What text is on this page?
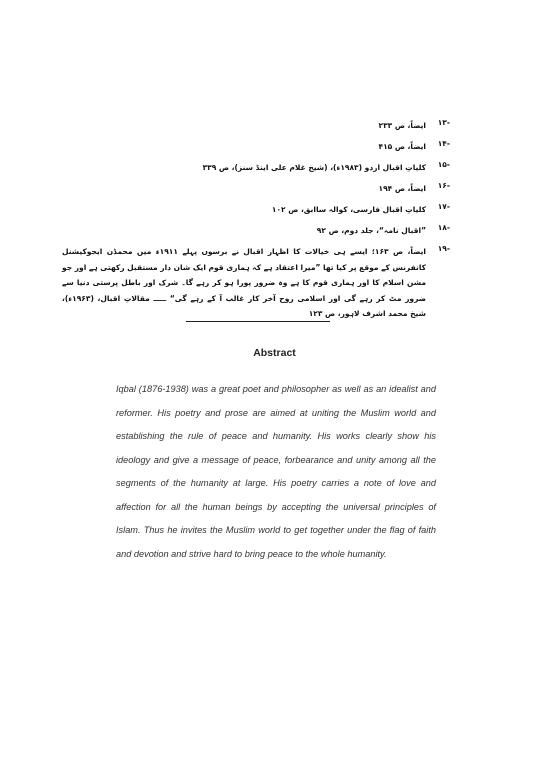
-۱۳
ایضاً، ص ۲۳۳
-۱۴
ایضاً، ص ۴۱۵
-۱۵
کلیاتِ اقبال اردو (۱۹۸۳ء)، (شیخ غلام علی اینڈ سنز)، ص ۳۳۹
-۱۶
ایضاً، ص ۱۹۴
-۱۷
کلیاتِ اقبال فارسی، ‌کوالہ ساابق، ص ۱۰۲
-۱۸
”اقبال نامہ“، جلد دوم، ص ۹۲
-۱۹
ایضاً، ص ۱۶۳؛ ایسے ہی خیالات کا اظہار اقبال نے برسوں پہلے ۱۹۱۱ء میں محمڈن ایجوکیشنل کانفرنس کے موقع پر کیا تھا ”میرا اعتقاد ہے کہ ہماری قوم ایک شان دار مستقبل رکھتی ہے اور جو مشن اسلام کا اور ہماری قوم کا ہے وہ ضرور پورا ہو کر رہے گا۔ شرک اور باطل پرستی دنیا سے ضرور مٹ کر رہے گی اور اسلامی روح آخر کار غالب آ کے رہے گی“ ـــــ مقالاتِ اقبال، (۱۹۶۳ء)، شیخ محمد اشرف لاہور، ص ۱۲۳
Abstract
Iqbal (1876-1938) was a great poet and philosopher as well as an idealist and reformer. His poetry and prose are aimed at uniting the Muslim world and establishing the rule of peace and humanity. His works clearly show his ideology and give a message of peace, forbearance and unity among all the segments of the humanity at large. His poetry carries a note of love and affection for all the human beings by accepting the universal principles of Islam. Thus he invites the Muslim world to get together under the flag of faith and devotion and strive hard to bring peace to the whole humanity.
